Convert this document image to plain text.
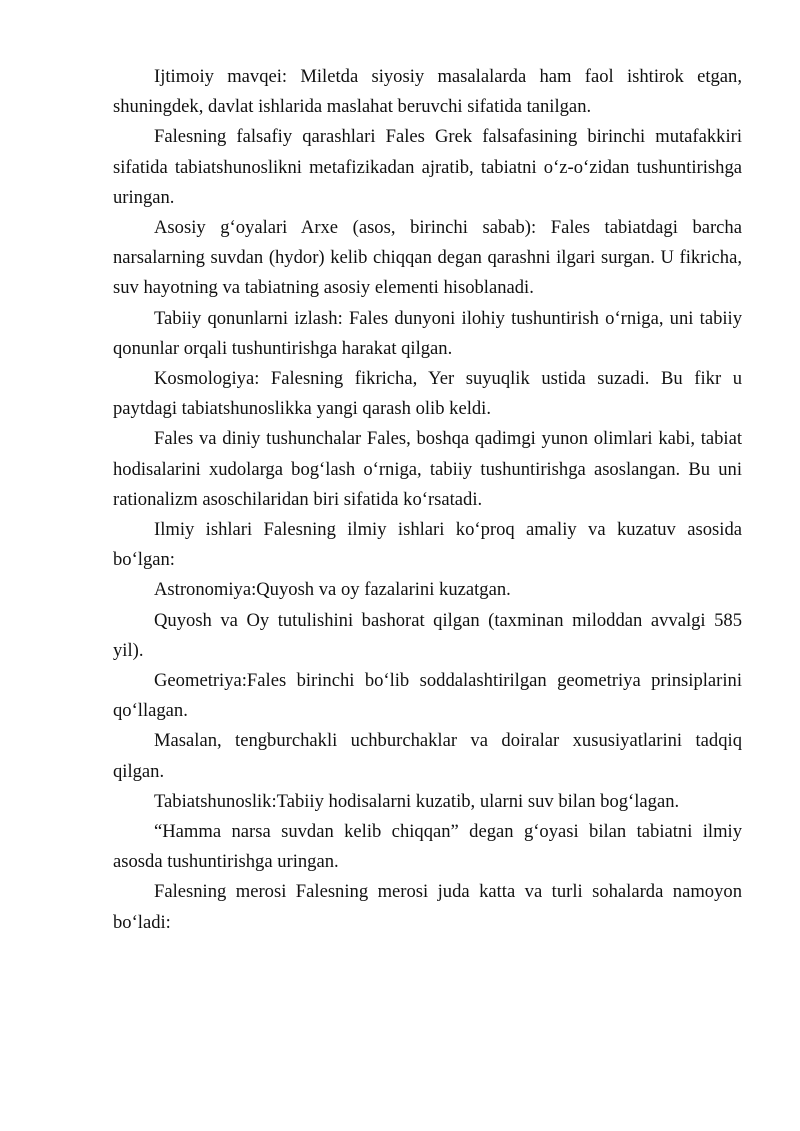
Ijtimoiy mavqei: Miletda siyosiy masalalarda ham faol ishtirok etgan, shuningdek, davlat ishlarida maslahat beruvchi sifatida tanilgan.

Falesning falsafiy qarashlari Fales Grek falsafasining birinchi mutafakkiri sifatida tabiatshunoslikni metafizikadan ajratib, tabiatni o‘z-o‘zidan tushuntirishga uringan.

Asosiy g‘oyalari Arxe (asos, birinchi sabab): Fales tabiatdagi barcha narsalarning suvdan (hydor) kelib chiqqan degan qarashni ilgari surgan. U fikricha, suv hayotning va tabiatning asosiy elementi hisoblanadi.

Tabiiy qonunlarni izlash: Fales dunyoni ilohiy tushuntirish o‘rniga, uni tabiiy qonunlar orqali tushuntirishga harakat qilgan.

Kosmologiya: Falesning fikricha, Yer suyuqlik ustida suzadi. Bu fikr u paytdagi tabiatshunoslikka yangi qarash olib keldi.

Fales va diniy tushunchalar Fales, boshqa qadimgi yunon olimlari kabi, tabiat hodisalarini xudolarga bog‘lash o‘rniga, tabiiy tushuntirishga asoslangan. Bu uni rationalizm asoschilaridan biri sifatida ko‘rsatadi.

Ilmiy ishlari Falesning ilmiy ishlari ko‘proq amaliy va kuzatuv asosida bo‘lgan:

Astronomiya:Quyosh va oy fazalarini kuzatgan.

Quyosh va Oy tutulishini bashorat qilgan (taxminan miloddan avvalgi 585 yil).

Geometriya:Fales birinchi bo‘lib soddalashtirilgan geometriya prinsiplarini qo‘llagan.

Masalan, tengburchakli uchburchaklar va doiralar xususiyatlarini tadqiq qilgan.

Tabiatshunoslik:Tabiiy hodisalarni kuzatib, ularni suv bilan bog‘lagan.

“Hamma narsa suvdan kelib chiqqan” degan g‘oyasi bilan tabiatni ilmiy asosda tushuntirishga uringan.

Falesning merosi Falesning merosi juda katta va turli sohalarda namoyon bo‘ladi:
